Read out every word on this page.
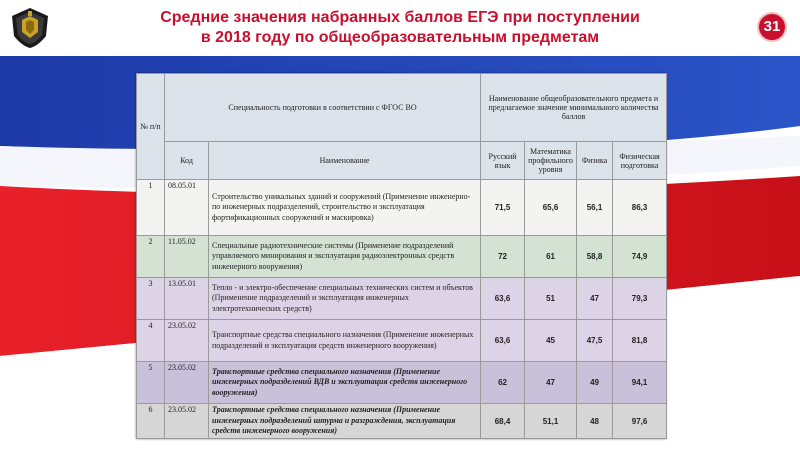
Средние значения набранных баллов ЕГЭ при поступлении
в 2018 году по общеобразовательным предметам
31
№ п/п	Специальность подготовки в соответствии с ФГОС ВО		Наименование общеобразовательного предмета и предлагаемое значение минимального количества баллов			
	Код	Наименование	Русский язык	Математика профильного уровня	Физика	Физическая подготовка
1	08.05.01	Строительство уникальных зданий и сооружений (Применение инженерно-по инженерных подразделений, строительство и эксплуатация фортификационных сооружений и маскировка)	71,5	65,6	56,1	86,3
2	11.05.02	Специальные радиотехнические системы (Применение подразделений управляемого минирования и эксплуатация радиоэлектронных средств инженерного вооружения)	72	61	58,8	74,9
3	13.05.01	Тепло - и электро-обеспечение специальных технических систем и объектов (Применение подразделений и эксплуатация инженерных электротехнических средств)	63,6	51	47	79,3
4	23.05.02	Транспортные средства специального назначения (Применение инженерных подразделений и эксплуатация средств инженерного вооружения)	63,6	45	47,5	81,8
5	23.05.02	Транспортные средства специального назначения (Применение инженерных подразделений ВДВ и эксплуатация средств инженерного вооружения)	62	47	49	94,1
6	23.05.02	Транспортные средства специального назначения (Применение инженерных подразделений штурма и разграждения, эксплуатация средств инженерного вооружения)	68,4	51,1	48	97,6
